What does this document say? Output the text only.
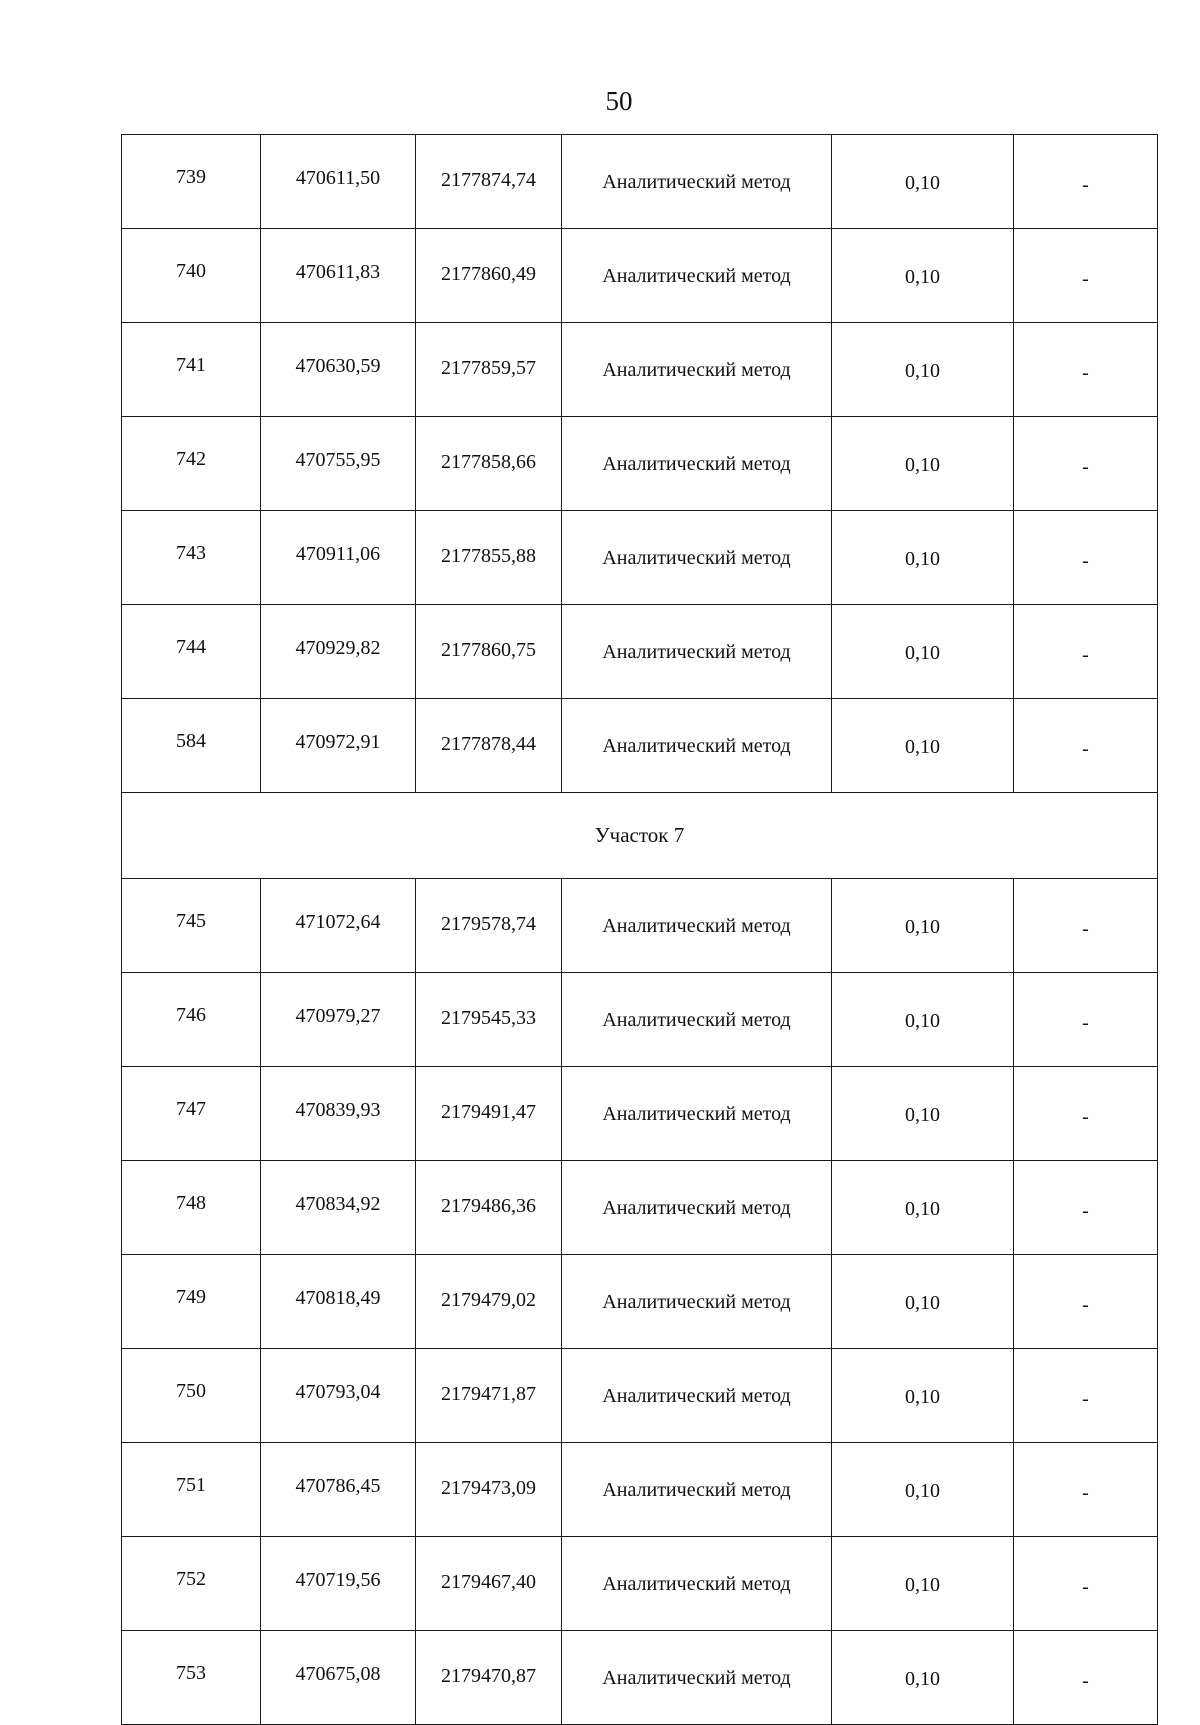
50
739	470611,50	2177874,74	Аналитический метод	0,10	-
740	470611,83	2177860,49	Аналитический метод	0,10	-
741	470630,59	2177859,57	Аналитический метод	0,10	-
742	470755,95	2177858,66	Аналитический метод	0,10	-
743	470911,06	2177855,88	Аналитический метод	0,10	-
744	470929,82	2177860,75	Аналитический метод	0,10	-
584	470972,91	2177878,44	Аналитический метод	0,10	-
Участок 7					
745	471072,64	2179578,74	Аналитический метод	0,10	-
746	470979,27	2179545,33	Аналитический метод	0,10	-
747	470839,93	2179491,47	Аналитический метод	0,10	-
748	470834,92	2179486,36	Аналитический метод	0,10	-
749	470818,49	2179479,02	Аналитический метод	0,10	-
750	470793,04	2179471,87	Аналитический метод	0,10	-
751	470786,45	2179473,09	Аналитический метод	0,10	-
752	470719,56	2179467,40	Аналитический метод	0,10	-
753	470675,08	2179470,87	Аналитический метод	0,10	-
